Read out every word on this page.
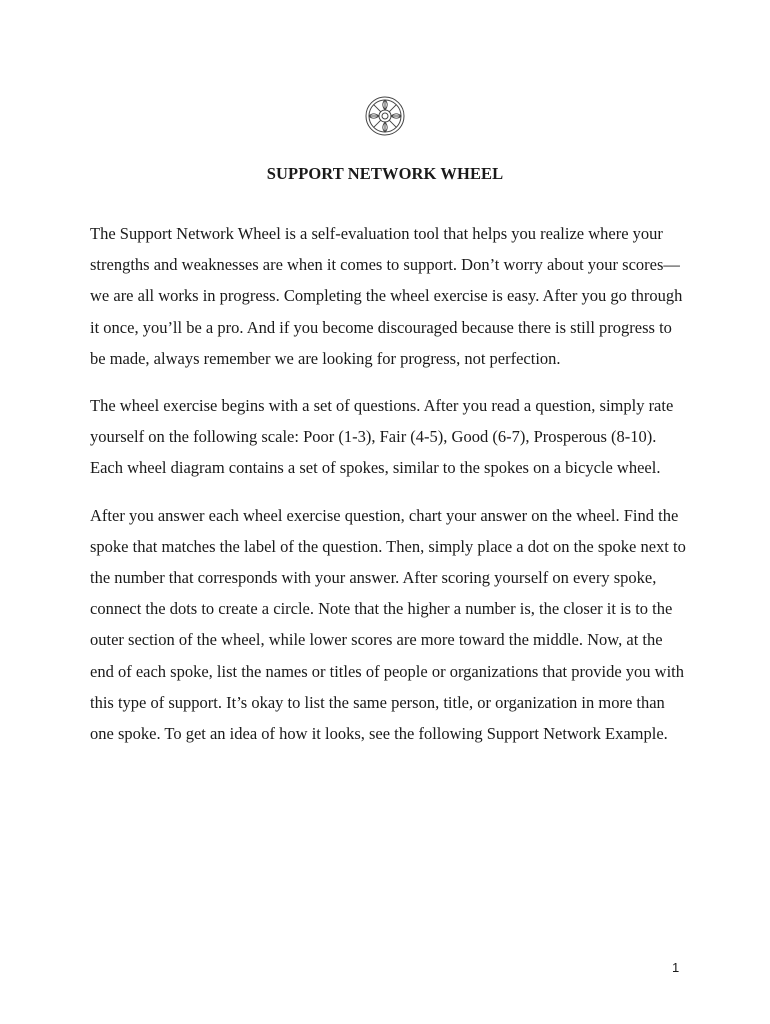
SUPPORT NETWORK WHEEL

The Support Network Wheel is a self-evaluation tool that helps you realize where your strengths and weaknesses are when it comes to support. Don’t worry about your scores—we are all works in progress. Completing the wheel exercise is easy. After you go through it once, you’ll be a pro. And if you become discouraged because there is still progress to be made, always remember we are looking for progress, not perfection.

The wheel exercise begins with a set of questions. After you read a question, simply rate yourself on the following scale: Poor (1-3), Fair (4-5), Good (6-7), Prosperous (8-10). Each wheel diagram contains a set of spokes, similar to the spokes on a bicycle wheel.

After you answer each wheel exercise question, chart your answer on the wheel. Find the spoke that matches the label of the question. Then, simply place a dot on the spoke next to the number that corresponds with your answer. After scoring yourself on every spoke, connect the dots to create a circle. Note that the higher a number is, the closer it is to the outer section of the wheel, while lower scores are more toward the middle. Now, at the end of each spoke, list the names or titles of people or organizations that provide you with this type of support. It’s okay to list the same person, title, or organization in more than one spoke. To get an idea of how it looks, see the following Support Network Example.

1
